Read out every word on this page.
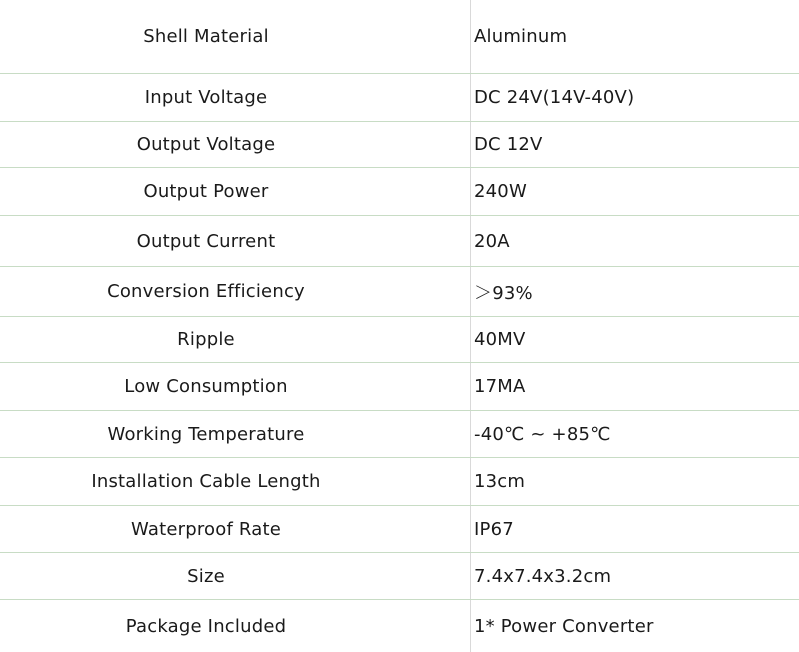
Shell Material	Aluminum
Input Voltage	DC 24V(14V-40V)
Output Voltage	DC 12V
Output Power	240W
Output Current	20A
Conversion Efficiency	＞93%
Ripple	40MV
Low Consumption	17MA
Working Temperature	-40℃ ~ +85℃
Installation Cable Length	13cm
Waterproof Rate	IP67
Size	7.4x7.4x3.2cm
Package Included	1* Power Converter
